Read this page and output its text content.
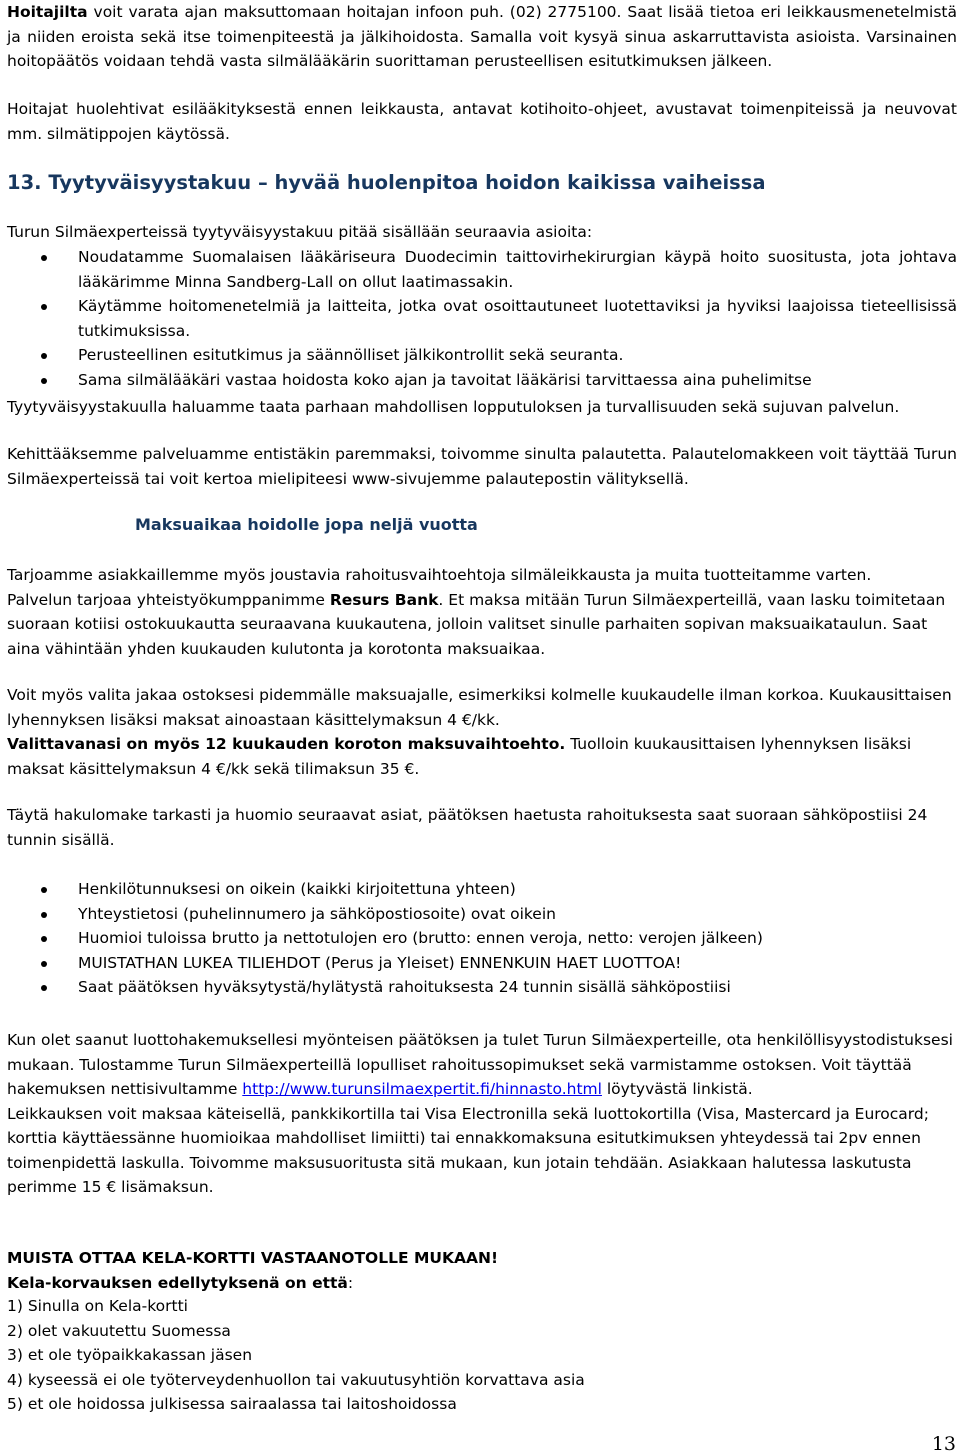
Hoitajilta voit varata ajan maksuttomaan hoitajan infoon puh. (02) 2775100. Saat lisää tietoa eri leikkausmenetelmistä ja niiden eroista sekä itse toimenpiteestä ja jälkihoidosta. Samalla voit kysyä sinua askarruttavista asioista. Varsinainen hoitopäätös voidaan tehdä vasta silmälääkärin suorittaman perusteellisen esitutkimuksen jälkeen.

Hoitajat huolehtivat esilääkityksestä ennen leikkausta, antavat kotihoito-ohjeet, avustavat toimenpiteissä ja neuvovat mm. silmätippojen käytössä.

13. Tyytyväisyystakuu – hyvää huolenpitoa hoidon kaikissa vaiheissa

Turun Silmäexperteissä tyytyväisyystakuu pitää sisällään seuraavia asioita:

Noudatamme Suomalaisen lääkäriseura Duodecimin taittovirhekirurgian käypä hoito suositusta, jota johtava lääkärimme Minna Sandberg-Lall on ollut laatimassakin.
Käytämme hoitomenetelmiä ja laitteita, jotka ovat osoittautuneet luotettaviksi ja hyviksi laajoissa tieteellisissä tutkimuksissa.
Perusteellinen esitutkimus ja säännölliset jälkikontrollit sekä seuranta.
Sama silmälääkäri vastaa hoidosta koko ajan ja tavoitat lääkärisi tarvittaessa aina puhelimitse

Tyytyväisyystakuulla haluamme taata parhaan mahdollisen lopputuloksen ja turvallisuuden sekä sujuvan palvelun.

Kehittääksemme palveluamme entistäkin paremmaksi, toivomme sinulta palautetta. Palautelomakkeen voit täyttää Turun Silmäexperteissä tai voit kertoa mielipiteesi www-sivujemme palautepostin välityksellä.

Maksuaikaa hoidolle jopa neljä vuotta

Tarjoamme asiakkaillemme myös joustavia rahoitusvaihtoehtoja silmäleikkausta ja muita tuotteitamme varten.
Palvelun tarjoaa yhteistyökumppanimme Resurs Bank. Et maksa mitään Turun Silmäexperteillä, vaan lasku toimitetaan suoraan kotiisi ostokuukautta seuraavana kuukautena, jolloin valitset sinulle parhaiten sopivan maksuaikataulun. Saat aina vähintään yhden kuukauden kulutonta ja korotonta maksuaikaa.

Voit myös valita jakaa ostoksesi pidemmälle maksuajalle, esimerkiksi kolmelle kuukaudelle ilman korkoa. Kuukausittaisen lyhennyksen lisäksi maksat ainoastaan käsittelymaksun 4 €/kk.
Valittavanasi on myös 12 kuukauden koroton maksuvaihtoehto. Tuolloin kuukausittaisen lyhennyksen lisäksi maksat käsittelymaksun 4 €/kk sekä tilimaksun 35 €.

Täytä hakulomake tarkasti ja huomio seuraavat asiat, päätöksen haetusta rahoituksesta saat suoraan sähköpostiisi 24 tunnin sisällä.

Henkilötunnuksesi on oikein (kaikki kirjoitettuna yhteen)
Yhteystietosi (puhelinnumero ja sähköpostiosoite) ovat oikein
Huomioi tuloissa brutto ja nettotulojen ero (brutto: ennen veroja, netto: verojen jälkeen)
MUISTATHAN LUKEA TILIEHDOT (Perus ja Yleiset) ENNENKUIN HAET LUOTTOA!
Saat päätöksen hyväksytystä/hylätystä rahoituksesta 24 tunnin sisällä sähköpostiisi

Kun olet saanut luottohakemuksellesi myönteisen päätöksen ja tulet Turun Silmäexperteille, ota henkilöllisyystodistuksesi mukaan. Tulostamme Turun Silmäexperteillä lopulliset rahoitussopimukset sekä varmistamme ostoksen. Voit täyttää hakemuksen nettisivultamme http://www.turunsilmaexpertit.fi/hinnasto.html löytyvästä linkistä.
Leikkauksen voit maksaa käteisellä, pankkikortilla tai Visa Electronilla sekä luottokortilla (Visa, Mastercard ja Eurocard; korttia käyttäessänne huomioikaa mahdolliset limiitti) tai ennakkomaksuna esitutkimuksen yhteydessä tai 2pv ennen toimenpidettä laskulla. Toivomme maksusuoritusta sitä mukaan, kun jotain tehdään. Asiakkaan halutessa laskutusta perimme 15 € lisämaksun.

MUISTA OTTAA KELA-KORTTI VASTAANOTOLLE MUKAAN!
Kela-korvauksen edellytyksenä on että:

1) Sinulla on Kela-kortti
2) olet vakuutettu Suomessa
3) et ole työpaikkakassan jäsen
4) kyseessä ei ole työterveydenhuollon tai vakuutusyhtiön korvattava asia
5) et ole hoidossa julkisessa sairaalassa tai laitoshoidossa
13
